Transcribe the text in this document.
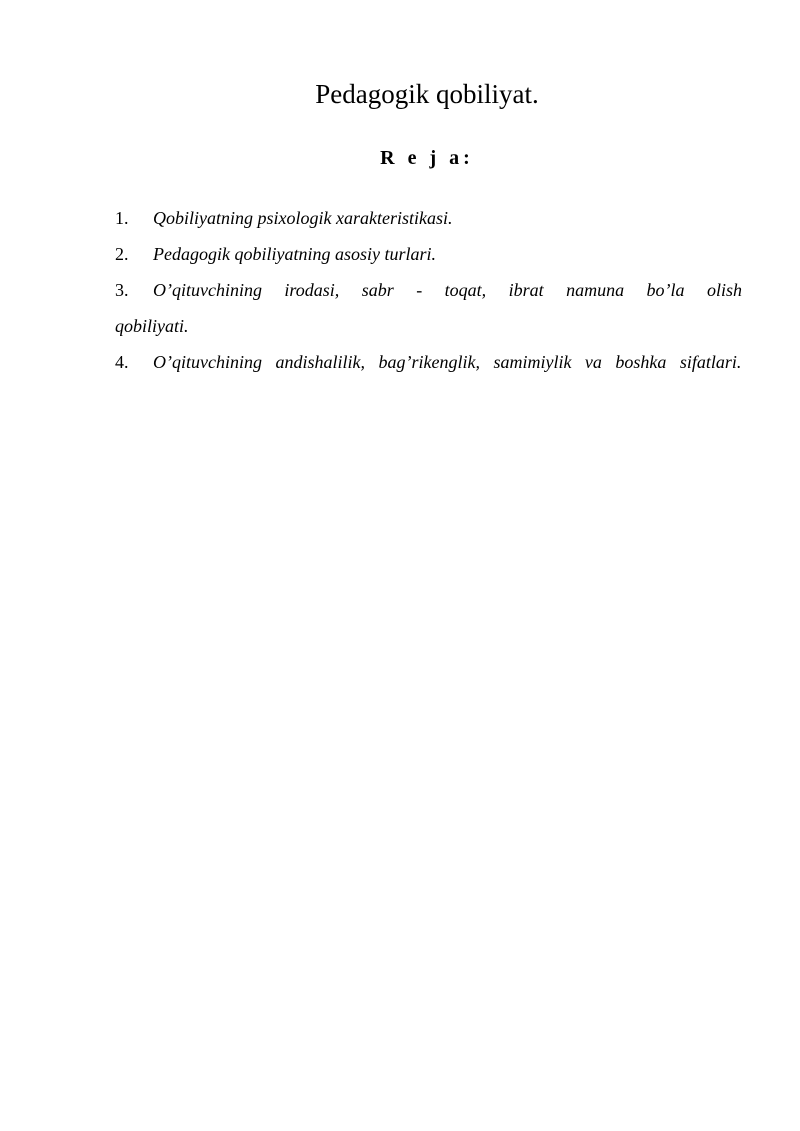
Pedagogik qobiliyat.
R e j a:
1. Qobiliyatning psixologik xarakteristikasi.
2. Pedagogik qobiliyatning asosiy turlari.
3. O’qituvchining irodasi, sabr - toqat, ibrat namuna bo’la olish qobiliyati.
4. O’qituvchining andishalilik, bag’rikenglik, samimiylik va boshka sifatlari.
